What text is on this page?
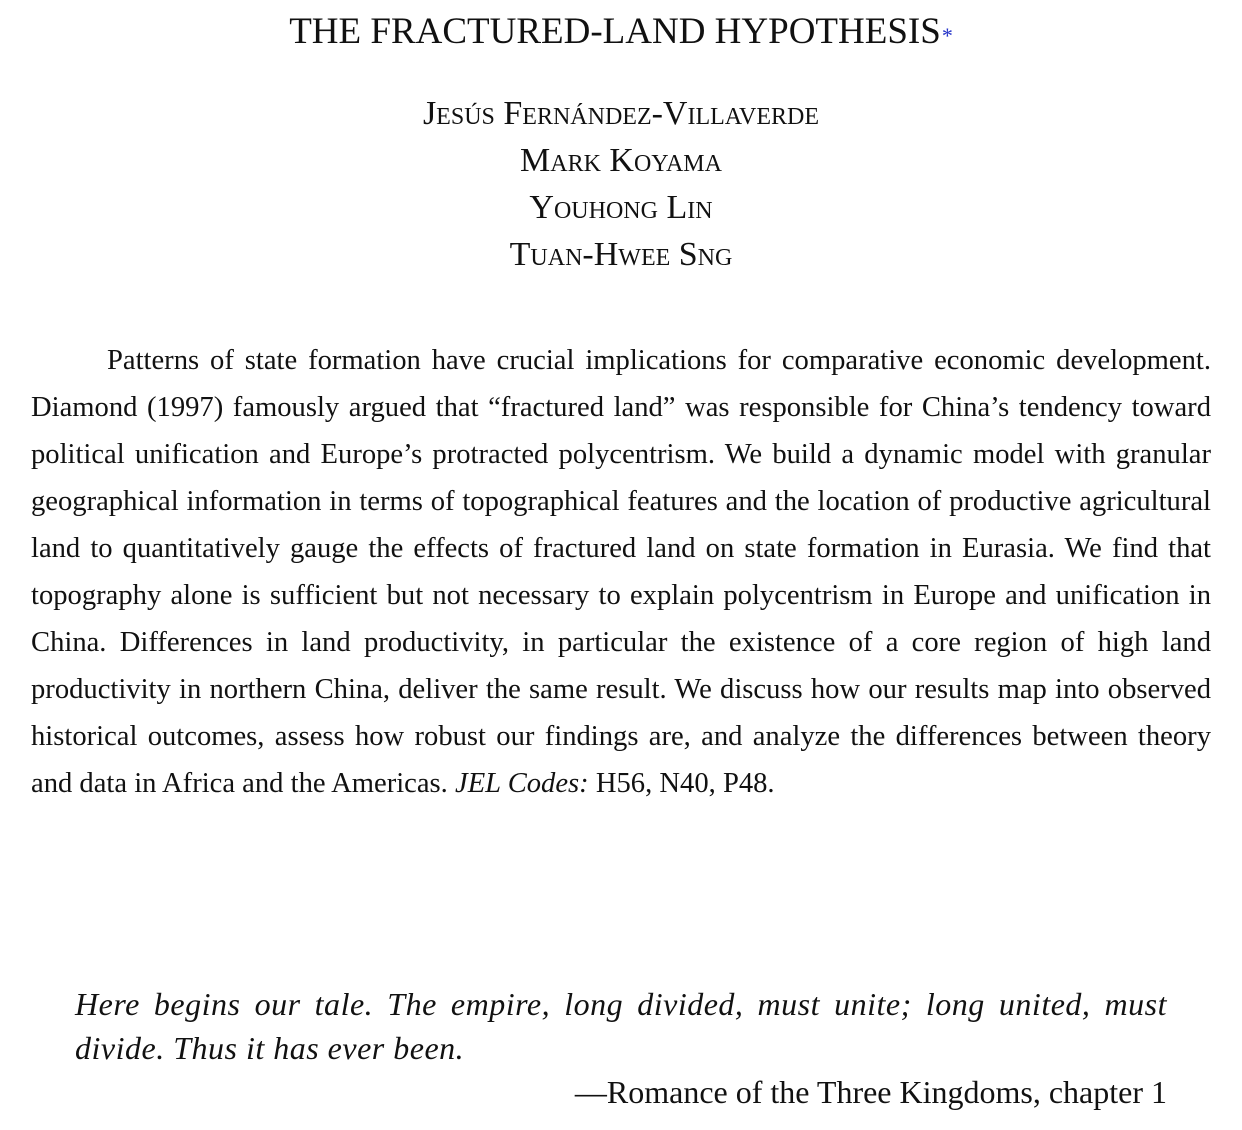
THE FRACTURED-LAND HYPOTHESIS*
Jesús Fernández-Villaverde
Mark Koyama
Youhong Lin
Tuan-Hwee Sng

Patterns of state formation have crucial implications for comparative economic development. Diamond (1997) famously argued that “fractured land” was responsible for China’s tendency toward political unification and Europe’s protracted polycentrism. We build a dynamic model with granular geographical information in terms of topographical features and the location of productive agricultural land to quantitatively gauge the effects of fractured land on state formation in Eurasia. We find that topography alone is sufficient but not necessary to explain polycentrism in Europe and unification in China. Differences in land productivity, in particular the existence of a core region of high land productivity in northern China, deliver the same result. We discuss how our results map into observed historical outcomes, assess how robust our findings are, and analyze the differences between theory and data in Africa and the Americas. JEL Codes: H56, N40, P48.

Here begins our tale. The empire, long divided, must unite; long united, must divide. Thus it has ever been.

—Romance of the Three Kingdoms, chapter 1
